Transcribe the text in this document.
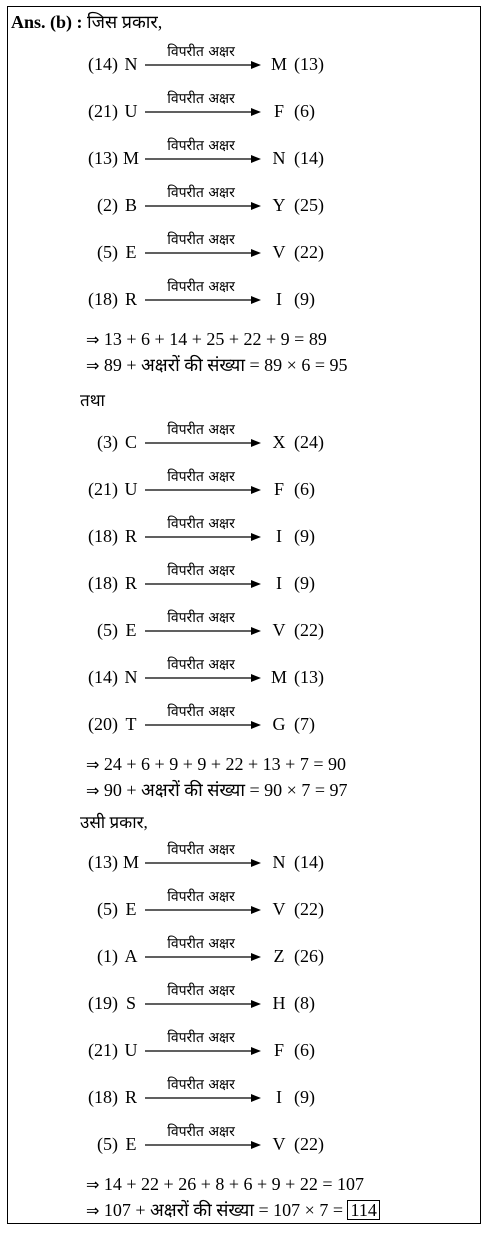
Ans. (b) : जिस प्रकार,
(14) N
विपरीत अक्षर
M (13)
(21) U
विपरीत अक्षर
F (6)
(13) M
विपरीत अक्षर
N (14)
(2) B
विपरीत अक्षर
Y (25)
(5) E
विपरीत अक्षर
V (22)
(18) R
विपरीत अक्षर
I (9)
⇒ 13 + 6 + 14 + 25 + 22 + 9 = 89
⇒ 89 + अक्षरों की संख्या = 89 × 6 = 95
तथा
(3) C
विपरीत अक्षर
X (24)
(21) U
विपरीत अक्षर
F (6)
(18) R
विपरीत अक्षर
I (9)
(18) R
विपरीत अक्षर
I (9)
(5) E
विपरीत अक्षर
V (22)
(14) N
विपरीत अक्षर
M (13)
(20) T
विपरीत अक्षर
G (7)
⇒ 24 + 6 + 9 + 9 + 22 + 13 + 7 = 90
⇒ 90 + अक्षरों की संख्या = 90 × 7 = 97
उसी प्रकार,
(13) M
विपरीत अक्षर
N (14)
(5) E
विपरीत अक्षर
V (22)
(1) A
विपरीत अक्षर
Z (26)
(19) S
विपरीत अक्षर
H (8)
(21) U
विपरीत अक्षर
F (6)
(18) R
विपरीत अक्षर
I (9)
(5) E
विपरीत अक्षर
V (22)
⇒ 14 + 22 + 26 + 8 + 6 + 9 + 22 = 107
⇒ 107 + अक्षरों की संख्या = 107 × 7 = 114
